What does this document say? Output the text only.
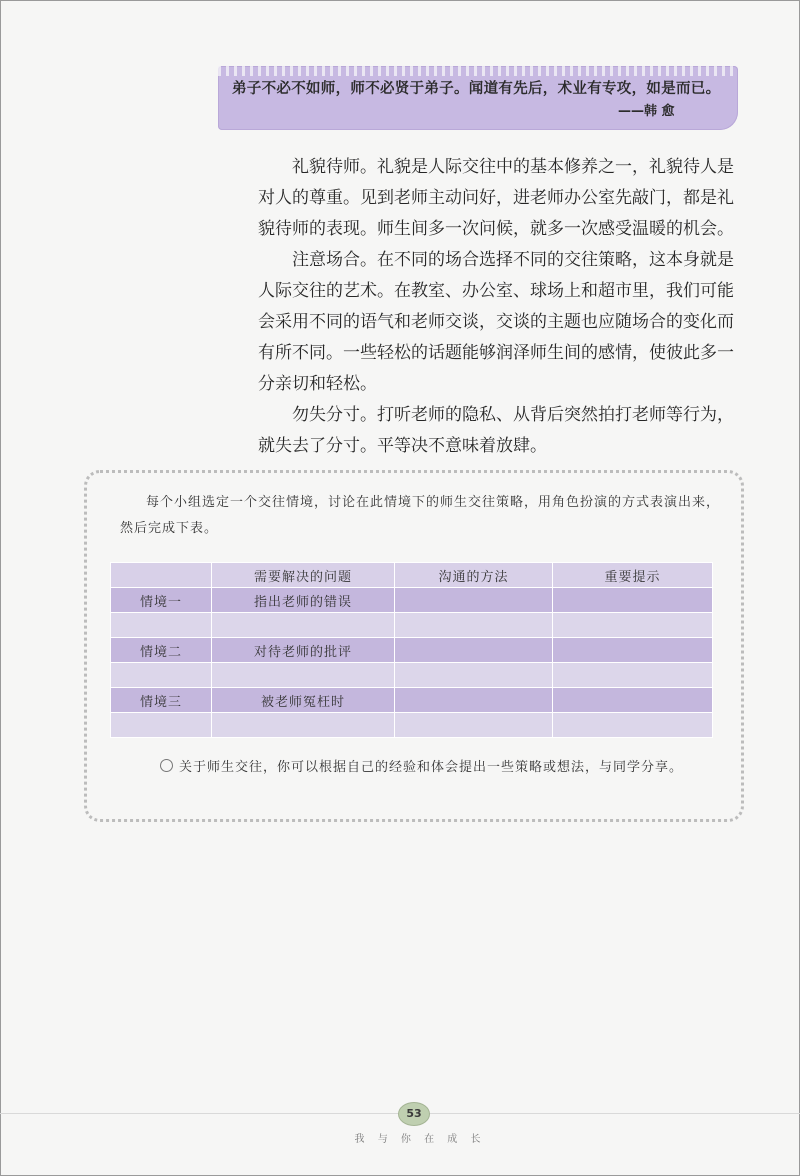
弟子不必不如师，师不必贤于弟子。闻道有先后，术业有专攻，如是而已。
——韩 愈

礼貌待师。礼貌是人际交往中的基本修养之一，礼貌待人是对人的尊重。见到老师主动问好，进老师办公室先敲门，都是礼貌待师的表现。师生间多一次问候，就多一次感受温暖的机会。

注意场合。在不同的场合选择不同的交往策略，这本身就是人际交往的艺术。在教室、办公室、球场上和超市里，我们可能会采用不同的语气和老师交谈，交谈的主题也应随场合的变化而有所不同。一些轻松的话题能够润泽师生间的感情，使彼此多一分亲切和轻松。

勿失分寸。打听老师的隐私、从背后突然拍打老师等行为，就失去了分寸。平等决不意味着放肆。

每个小组选定一个交往情境，讨论在此情境下的师生交往策略，用角色扮演的方式表演出来，然后完成下表。
	需要解决的问题	沟通的方法	重要提示
情境一	指出老师的错误		

情境二	对待老师的批评		

情境三	被老师冤枉时		

关于师生交往，你可以根据自己的经验和体会提出一些策略或想法，与同学分享。
53
我 与 你 在 成 长
